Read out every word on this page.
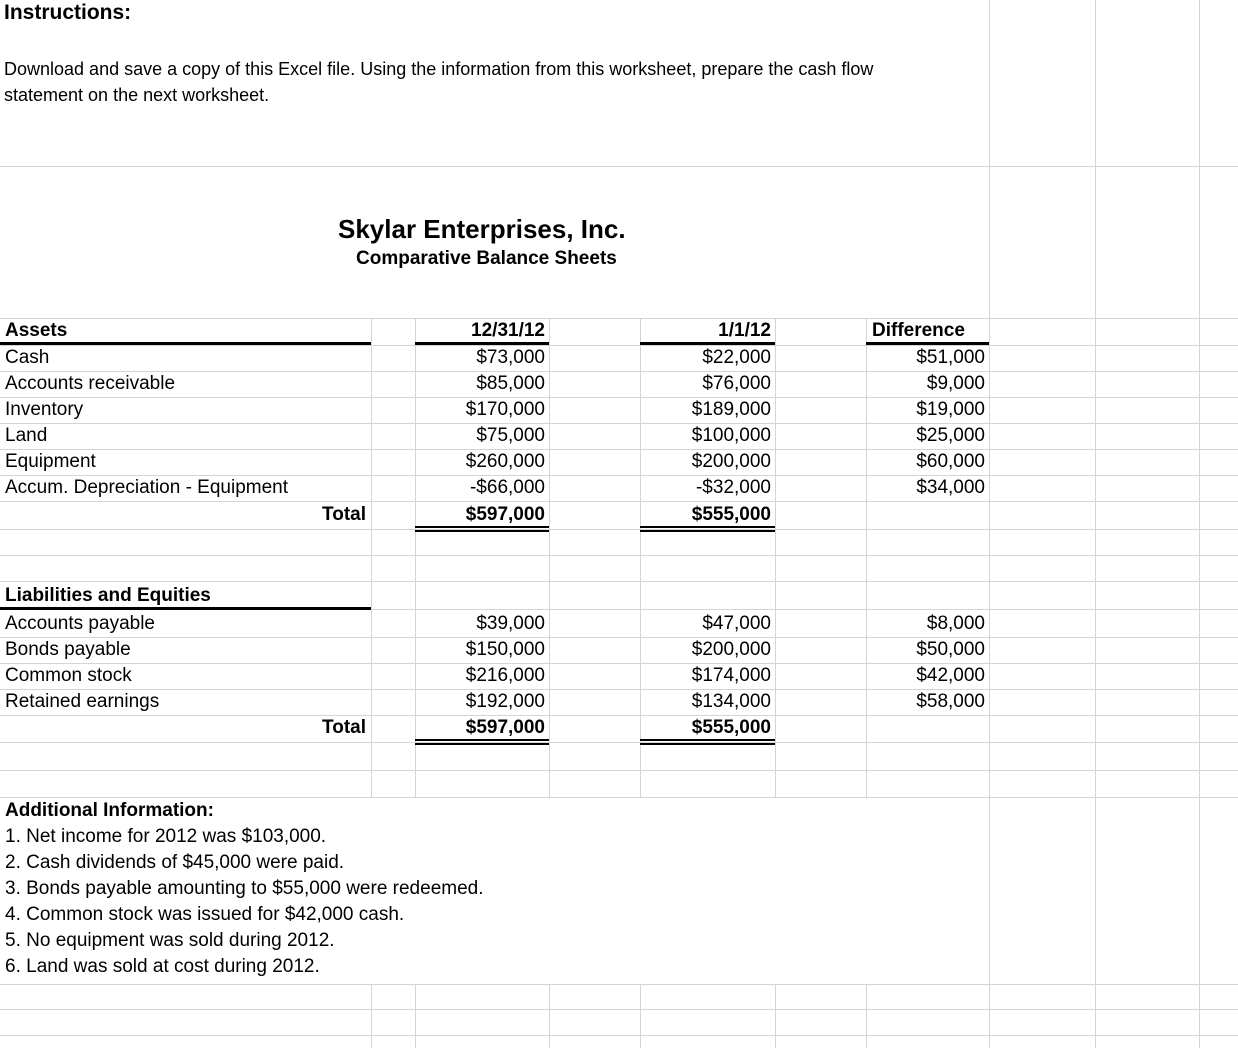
Instructions:
Download and save a copy of this Excel file. Using the information from this worksheet, prepare the cash flow
statement on the next worksheet.
Skylar Enterprises, Inc.
Comparative Balance Sheets
Assets	12/31/12	1/1/12	Difference
Cash	$73,000	$22,000	$51,000
Accounts receivable	$85,000	$76,000	$9,000
Inventory	$170,000	$189,000	$19,000
Land	$75,000	$100,000	$25,000
Equipment	$260,000	$200,000	$60,000
Accum. Depreciation - Equipment	-$66,000	-$32,000	$34,000
Total	$597,000	$555,000
Liabilities and Equities
Accounts payable	$39,000	$47,000	$8,000
Bonds payable	$150,000	$200,000	$50,000
Common stock	$216,000	$174,000	$42,000
Retained earnings	$192,000	$134,000	$58,000
Total	$597,000	$555,000
Additional Information:
1. Net income for 2012 was $103,000.
2. Cash dividends of $45,000 were paid.
3. Bonds payable amounting to $55,000 were redeemed.
4. Common stock was issued for $42,000 cash.
5. No equipment was sold during 2012.
6. Land was sold at cost during 2012.
